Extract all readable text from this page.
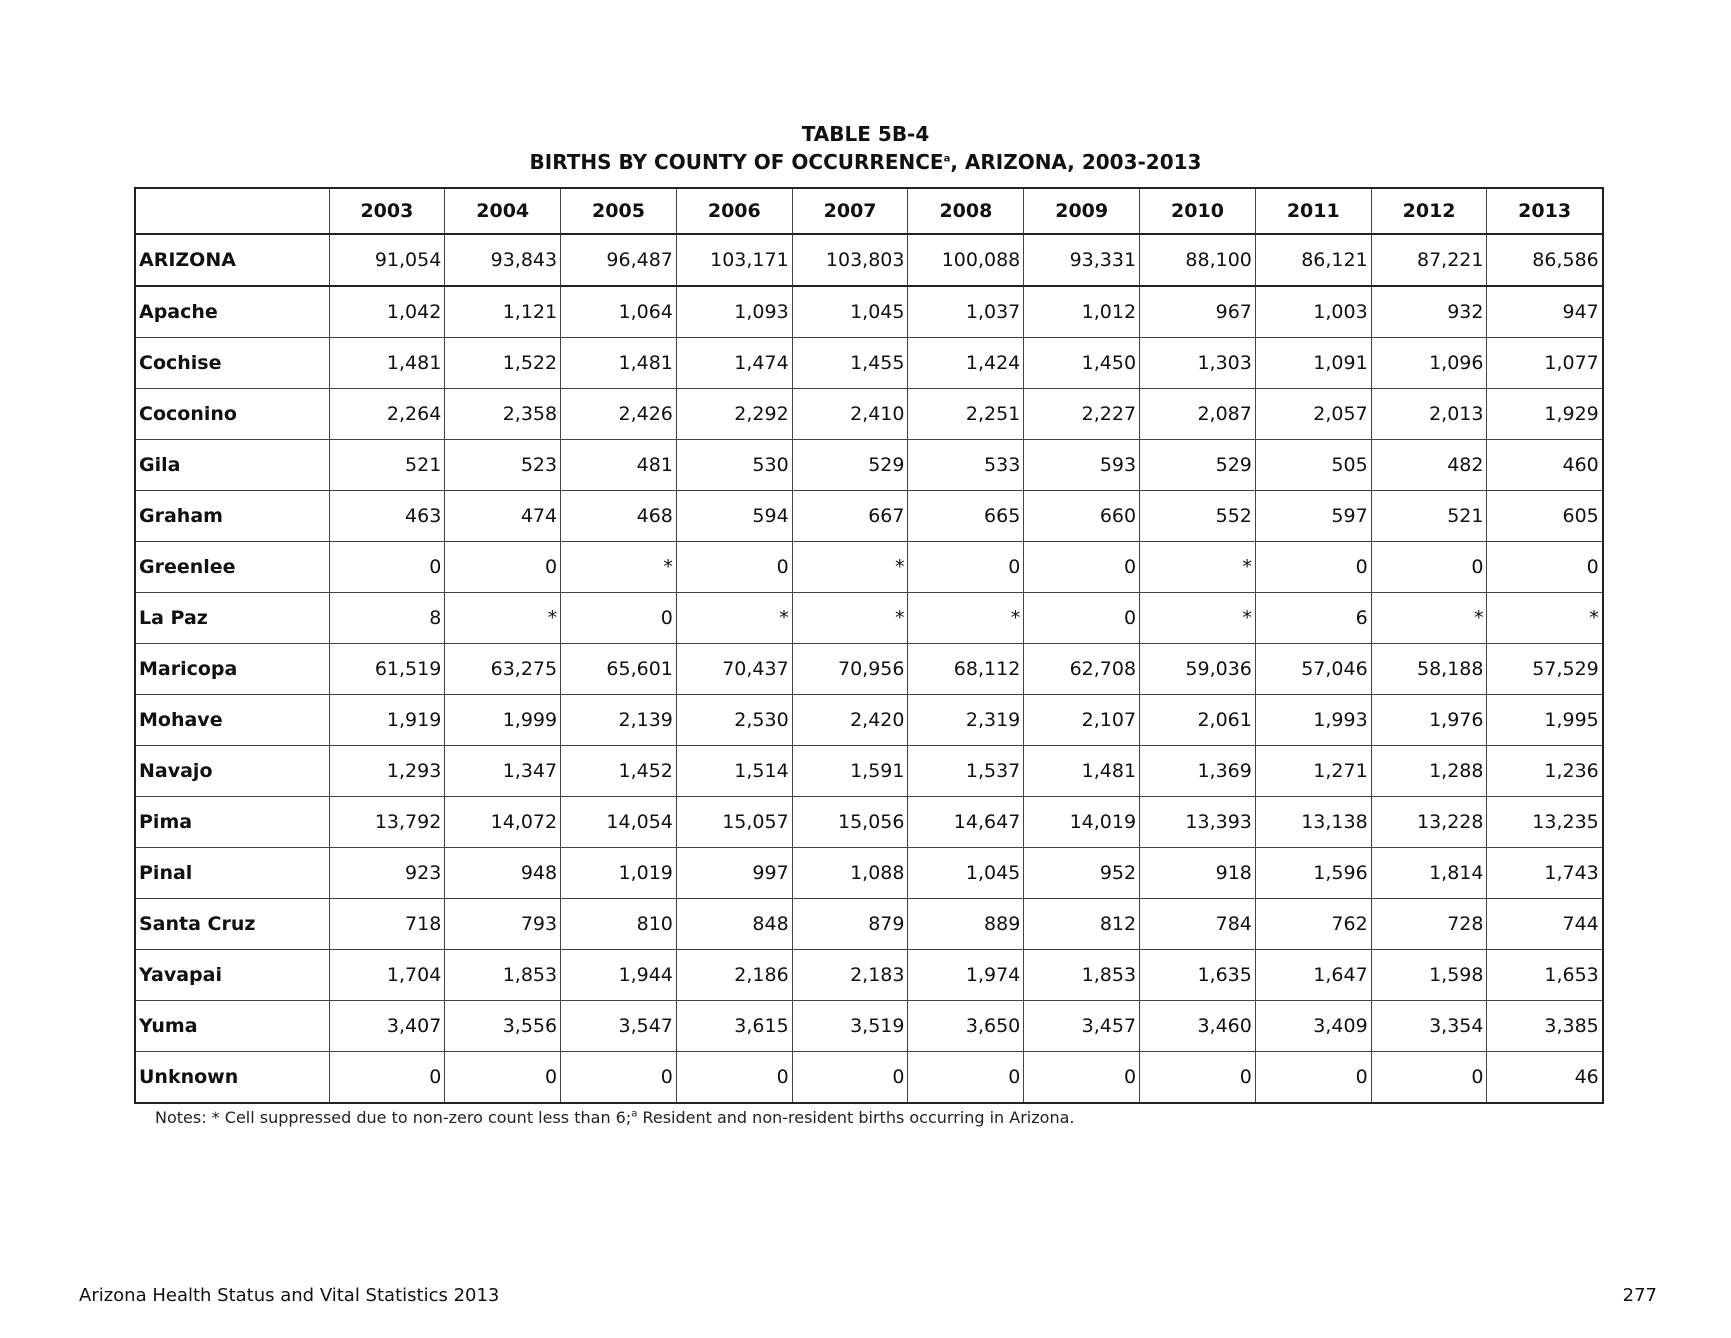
TABLE 5B-4
BIRTHS BY COUNTY OF OCCURRENCE$^a$, ARIZONA, 2003-2013
	2003	2004	2005	2006	2007	2008	2009	2010	2011	2012	2013
ARIZONA	91,054	93,843	96,487	103,171	103,803	100,088	93,331	88,100	86,121	87,221	86,586
Apache	1,042	1,121	1,064	1,093	1,045	1,037	1,012	967	1,003	932	947
Cochise	1,481	1,522	1,481	1,474	1,455	1,424	1,450	1,303	1,091	1,096	1,077
Coconino	2,264	2,358	2,426	2,292	2,410	2,251	2,227	2,087	2,057	2,013	1,929
Gila	521	523	481	530	529	533	593	529	505	482	460
Graham	463	474	468	594	667	665	660	552	597	521	605
Greenlee	0	0	*	0	*	0	0	*	0	0	0
La Paz	8	*	0	*	*	*	0	*	6	*	*
Maricopa	61,519	63,275	65,601	70,437	70,956	68,112	62,708	59,036	57,046	58,188	57,529
Mohave	1,919	1,999	2,139	2,530	2,420	2,319	2,107	2,061	1,993	1,976	1,995
Navajo	1,293	1,347	1,452	1,514	1,591	1,537	1,481	1,369	1,271	1,288	1,236
Pima	13,792	14,072	14,054	15,057	15,056	14,647	14,019	13,393	13,138	13,228	13,235
Pinal	923	948	1,019	997	1,088	1,045	952	918	1,596	1,814	1,743
Santa Cruz	718	793	810	848	879	889	812	784	762	728	744
Yavapai	1,704	1,853	1,944	2,186	2,183	1,974	1,853	1,635	1,647	1,598	1,653
Yuma	3,407	3,556	3,547	3,615	3,519	3,650	3,457	3,460	3,409	3,354	3,385
Unknown	0	0	0	0	0	0	0	0	0	0	46
Notes: * Cell suppressed due to non-zero count less than 6;$^a$ Resident and non-resident births occurring in Arizona.
Arizona Health Status and Vital Statistics 2013	277
